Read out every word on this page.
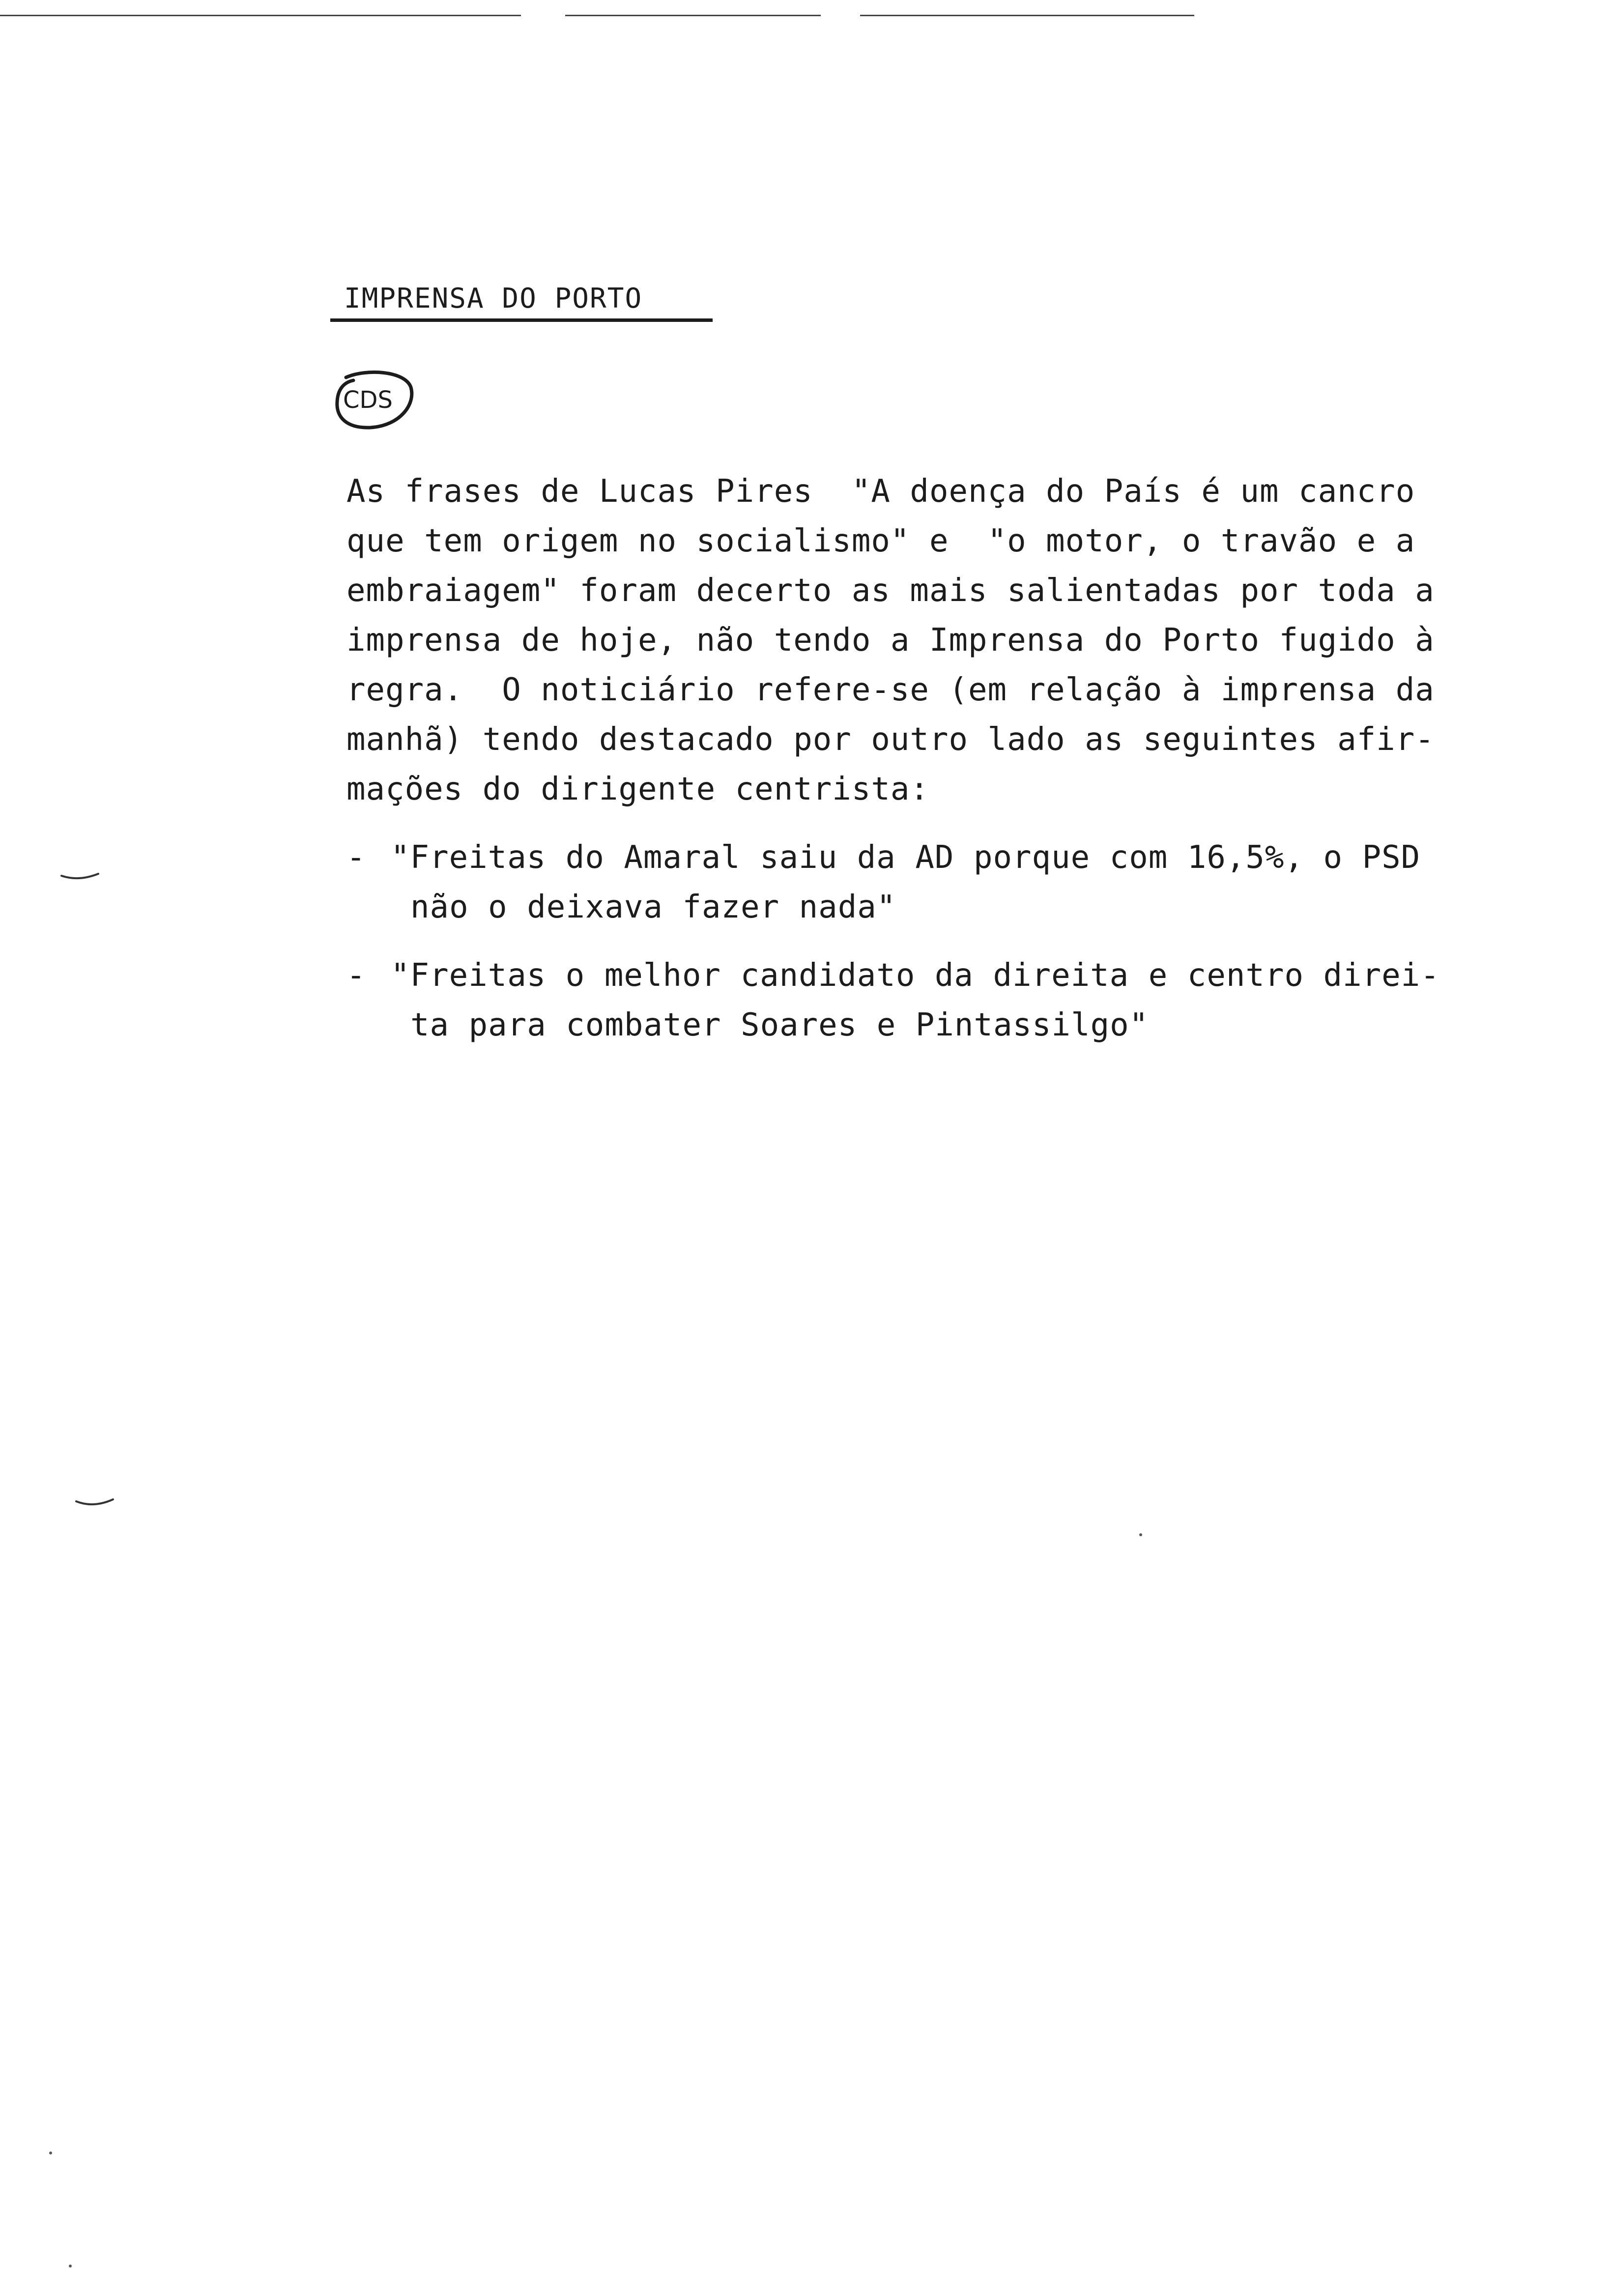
IMPRENSA DO PORTO
CDS
As frases de Lucas Pires  "A doença do País é um cancro
que tem origem no socialismo" e  "o motor, o travão e a
embraiagem" foram decerto as mais salientadas por toda a
imprensa de hoje, não tendo a Imprensa do Porto fugido à
regra.  O noticiário refere-se (em relação à imprensa da
manhã) tendo destacado por outro lado as seguintes afir-
mações do dirigente centrista:
- "Freitas do Amaral saiu da AD porque com 16,5%, o PSD
não o deixava fazer nada"
- "Freitas o melhor candidato da direita e centro direi-
ta para combater Soares e Pintassilgo"
